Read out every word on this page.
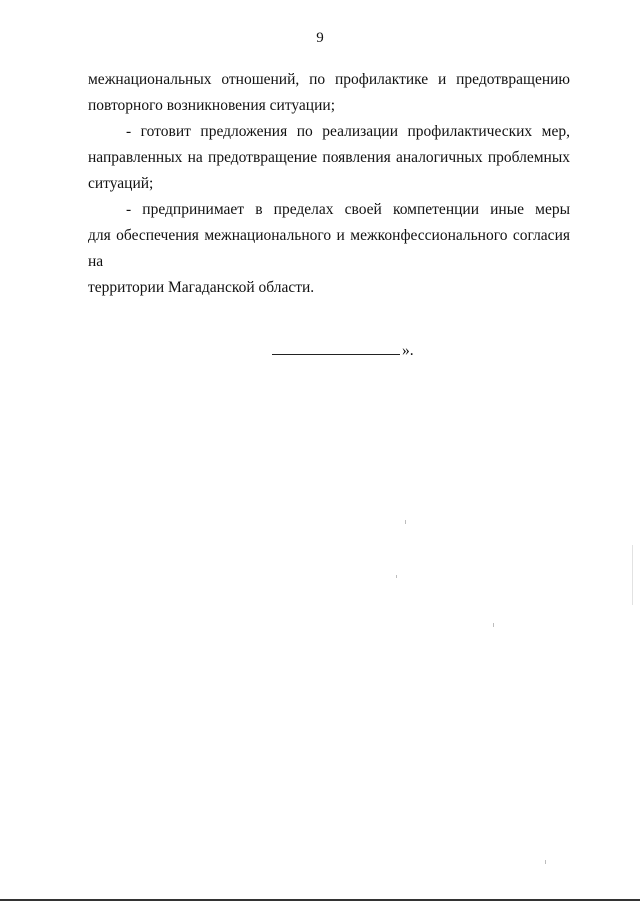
9

межнациональных отношений, по профилактике и предотвращению
повторного возникновения ситуации;

- готовит предложения по реализации профилактических мер,
направленных на предотвращение появления аналогичных проблемных
ситуаций;

- предпринимает в пределах своей компетенции иные меры
для обеспечения межнационального и межконфессионального согласия на
территории Магаданской области.

».
